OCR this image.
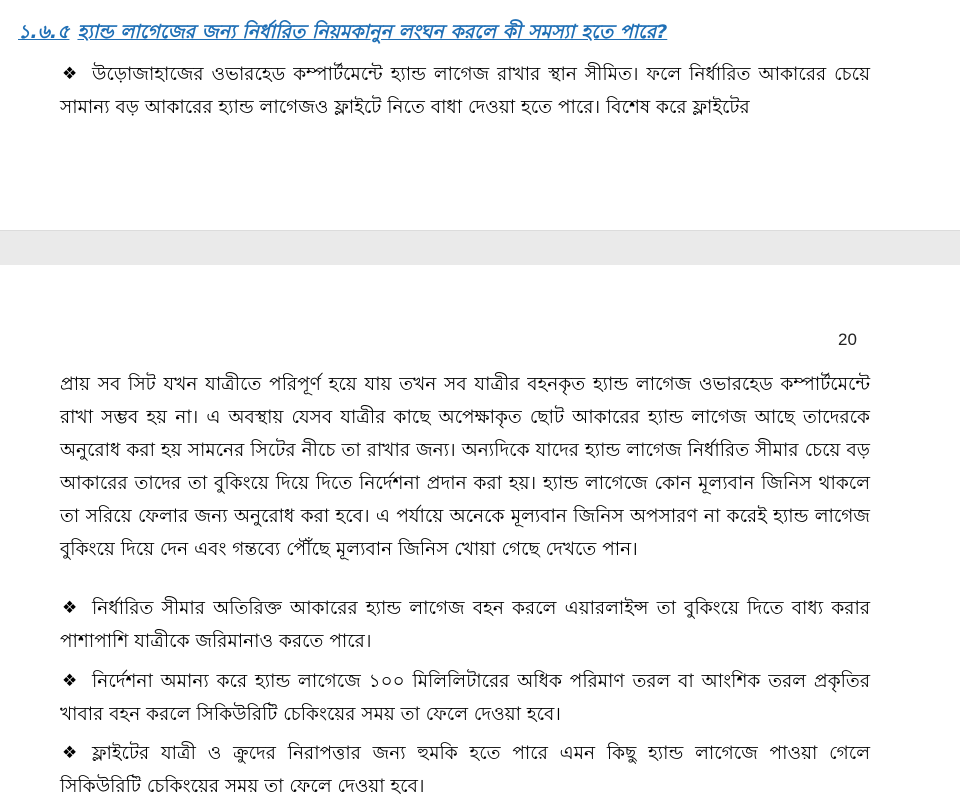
১.৬.৫ হ্যান্ড লাগেজের জন্য নির্ধারিত নিয়মকানুন লংঘন করলে কী সমস্যা হতে পারে?
❖ উড়োজাহাজের ওভারহেড কম্পার্টমেন্টে হ্যান্ড লাগেজ রাখার স্থান সীমিত। ফলে নির্ধারিত আকারের চেয়ে সামান্য বড় আকারের হ্যান্ড লাগেজও ফ্লাইটে নিতে বাধা দেওয়া হতে পারে। বিশেষ করে ফ্লাইটের
20
প্রায় সব সিট যখন যাত্রীতে পরিপূর্ণ হয়ে যায় তখন সব যাত্রীর বহনকৃত হ্যান্ড লাগেজ ওভারহেড কম্পার্টমেন্টে রাখা সম্ভব হয় না। এ অবস্থায় যেসব যাত্রীর কাছে অপেক্ষাকৃত ছোট আকারের হ্যান্ড লাগেজ আছে তাদেরকে অনুরোধ করা হয় সামনের সিটের নীচে তা রাখার জন্য। অন্যদিকে যাদের হ্যান্ড লাগেজ নির্ধারিত সীমার চেয়ে বড় আকারের তাদের তা বুকিংয়ে দিয়ে দিতে নির্দেশনা প্রদান করা হয়। হ্যান্ড লাগেজে কোন মূল্যবান জিনিস থাকলে তা সরিয়ে ফেলার জন্য অনুরোধ করা হবে। এ পর্যায়ে অনেকে মূল্যবান জিনিস অপসারণ না করেই হ্যান্ড লাগেজ বুকিংয়ে দিয়ে দেন এবং গন্তব্যে পৌঁছে মূল্যবান জিনিস খোয়া গেছে দেখতে পান।
❖ নির্ধারিত সীমার অতিরিক্ত আকারের হ্যান্ড লাগেজ বহন করলে এয়ারলাইন্স তা বুকিংয়ে দিতে বাধ্য করার পাশাপাশি যাত্রীকে জরিমানাও করতে পারে।
❖ নির্দেশনা অমান্য করে হ্যান্ড লাগেজে ১০০ মিলিলিটারের অধিক পরিমাণ তরল বা আংশিক তরল প্রকৃতির খাবার বহন করলে সিকিউরিটি চেকিংয়ের সময় তা ফেলে দেওয়া হবে।
❖ ফ্লাইটের যাত্রী ও ক্রুদের নিরাপত্তার জন্য হুমকি হতে পারে এমন কিছু হ্যান্ড লাগেজে পাওয়া গেলে সিকিউরিটি চেকিংয়ের সময় তা ফেলে দেওয়া হবে।
